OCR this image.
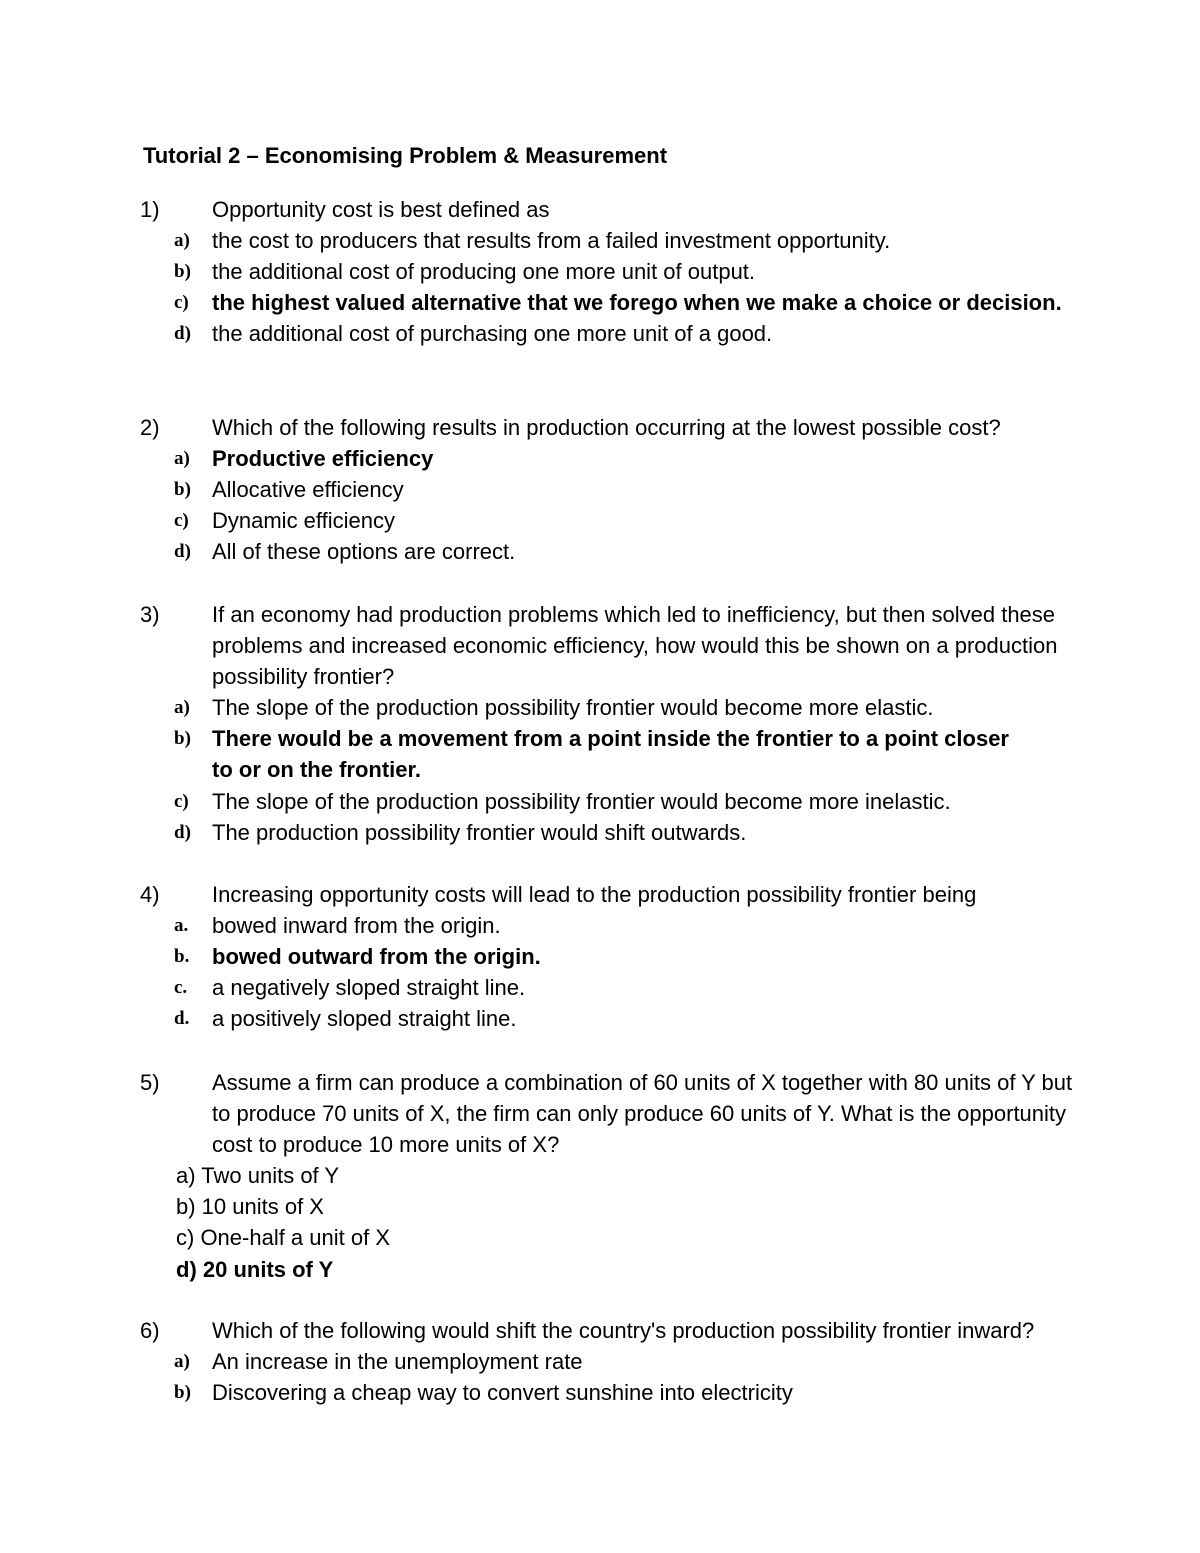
Tutorial 2 – Economising Problem & Measurement
1) Opportunity cost is best defined as
a) the cost to producers that results from a failed investment opportunity.
b) the additional cost of producing one more unit of output.
c) the highest valued alternative that we forego when we make a choice or decision.
d) the additional cost of purchasing one more unit of a good.
2) Which of the following results in production occurring at the lowest possible cost?
a) Productive efficiency
b) Allocative efficiency
c) Dynamic efficiency
d) All of these options are correct.
3) If an economy had production problems which led to inefficiency, but then solved these problems and increased economic efficiency, how would this be shown on a production possibility frontier?
a) The slope of the production possibility frontier would become more elastic.
b) There would be a movement from a point inside the frontier to a point closer to or on the frontier.
c) The slope of the production possibility frontier would become more inelastic.
d) The production possibility frontier would shift outwards.
4) Increasing opportunity costs will lead to the production possibility frontier being
a. bowed inward from the origin.
b. bowed outward from the origin.
c. a negatively sloped straight line.
d. a positively sloped straight line.
5) Assume a firm can produce a combination of 60 units of X together with 80 units of Y but to produce 70 units of X, the firm can only produce 60 units of Y. What is the opportunity cost to produce 10 more units of X?
a) Two units of Y
b) 10 units of X
c) One-half a unit of X
d) 20 units of Y
6) Which of the following would shift the country's production possibility frontier inward?
a) An increase in the unemployment rate
b) Discovering a cheap way to convert sunshine into electricity
